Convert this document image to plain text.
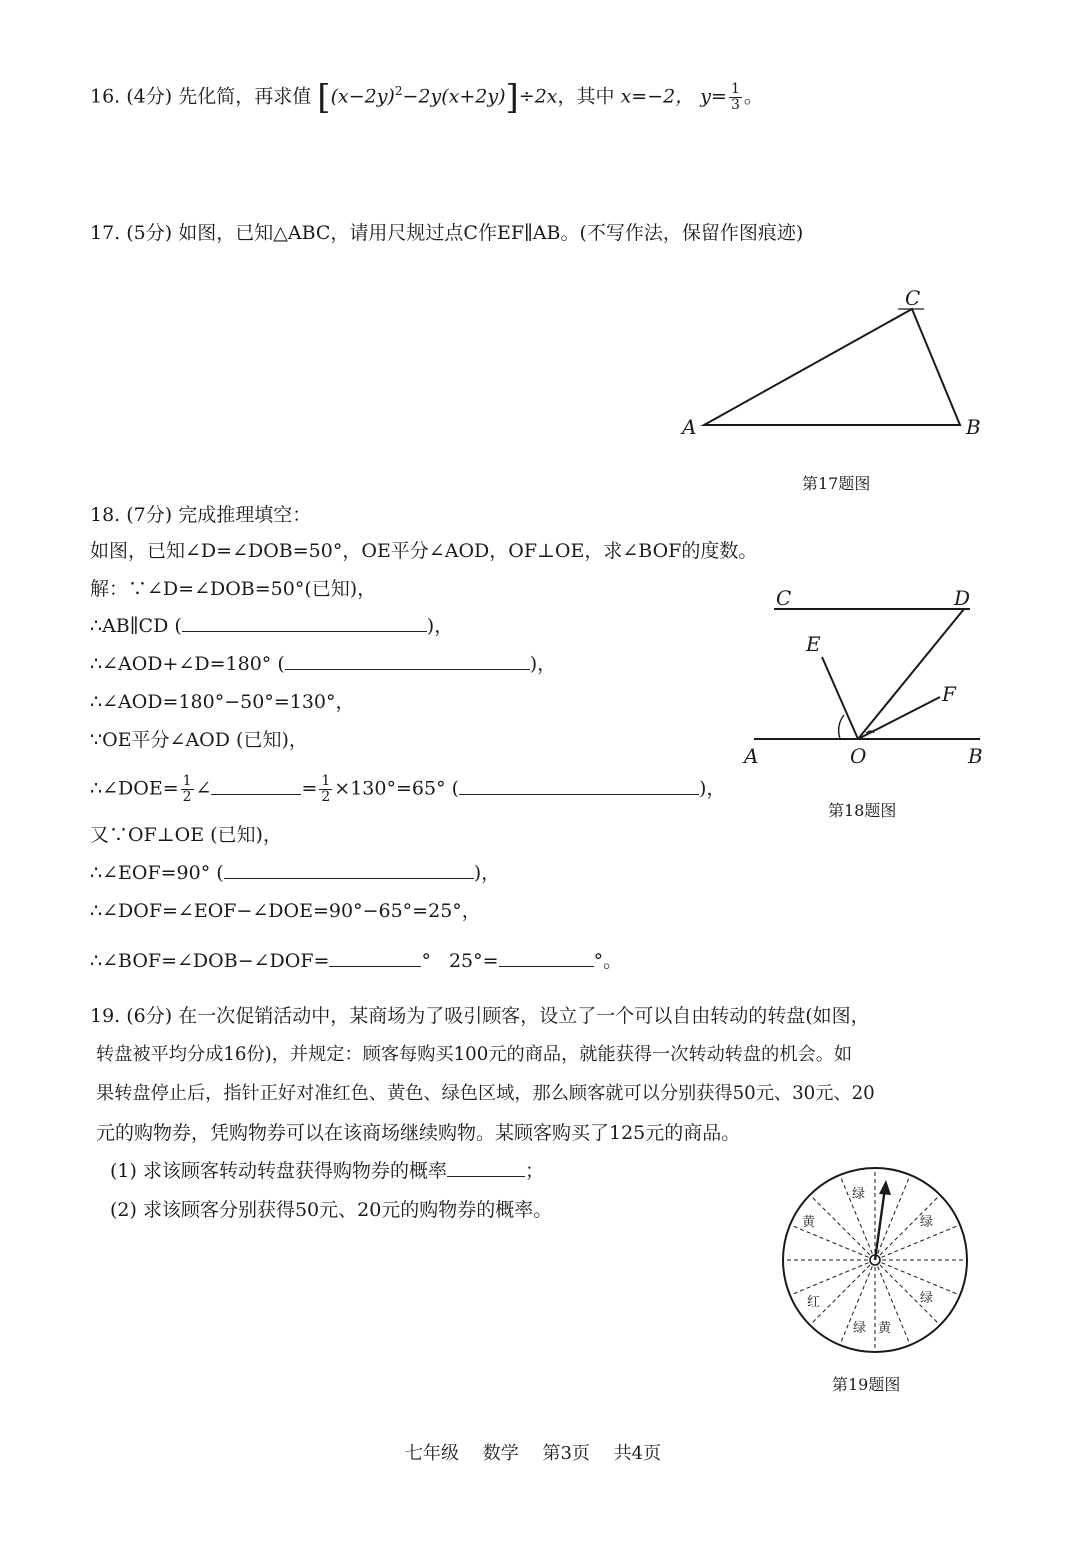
16. (4分) 先化简，再求值 $[(x-2y)^2-2y(x+2y)]\div 2x$，其中 x=−2， $y= \frac{1}{3}$ 。
17. (5分) 如图，已知△ABC，请用尺规过点C作EF∥AB。(不写作法，保留作图痕迹)
A	B
C
第17题图
18. (7分) 完成推理填空：
如图，已知∠D=∠DOB=50°，OE平分∠AOD，OF⊥OE，求∠BOF的度数。
解：∵∠D=∠DOB=50°(已知)，
∴AB∥CD (	)，
∴∠AOD+∠D=180° (	)，
∴∠AOD=180°−50°=130°，
∵OE平分∠AOD (已知)，
∴∠DOE= $\frac{1}{2}$ ∠	= $\frac{1}{2} \times 130^\circ=65^\circ$ (	)，
又∵OF⊥OE (已知)，
∴∠EOF=90° (	)，
∴∠DOF=∠EOF−∠DOE=90°−65°=25°，
∴∠BOF=∠DOB−∠DOF=	° 25°=	°。
C	D
E
F
A	O	B
第18题图
19. (6分) 在一次促销活动中，某商场为了吸引顾客，设立了一个可以自由转动的转盘(如图，
转盘被平均分成16份)，并规定：顾客每购买100元的商品，就能获得一次转动转盘的机会。如
果转盘停止后，指针正好对准红色、黄色、绿色区域，那么顾客就可以分别获得50元、30元、20
元的购物券，凭购物券可以在该商场继续购物。某顾客购买了125元的商品。
(1) 求该顾客转动转盘获得购物券的概率	；
(2) 求该顾客分别获得50元、20元的购物券的概率。
绿
绿
绿
黄
绿 黄
红
第19题图
七年级 数学 第3页 共4页
